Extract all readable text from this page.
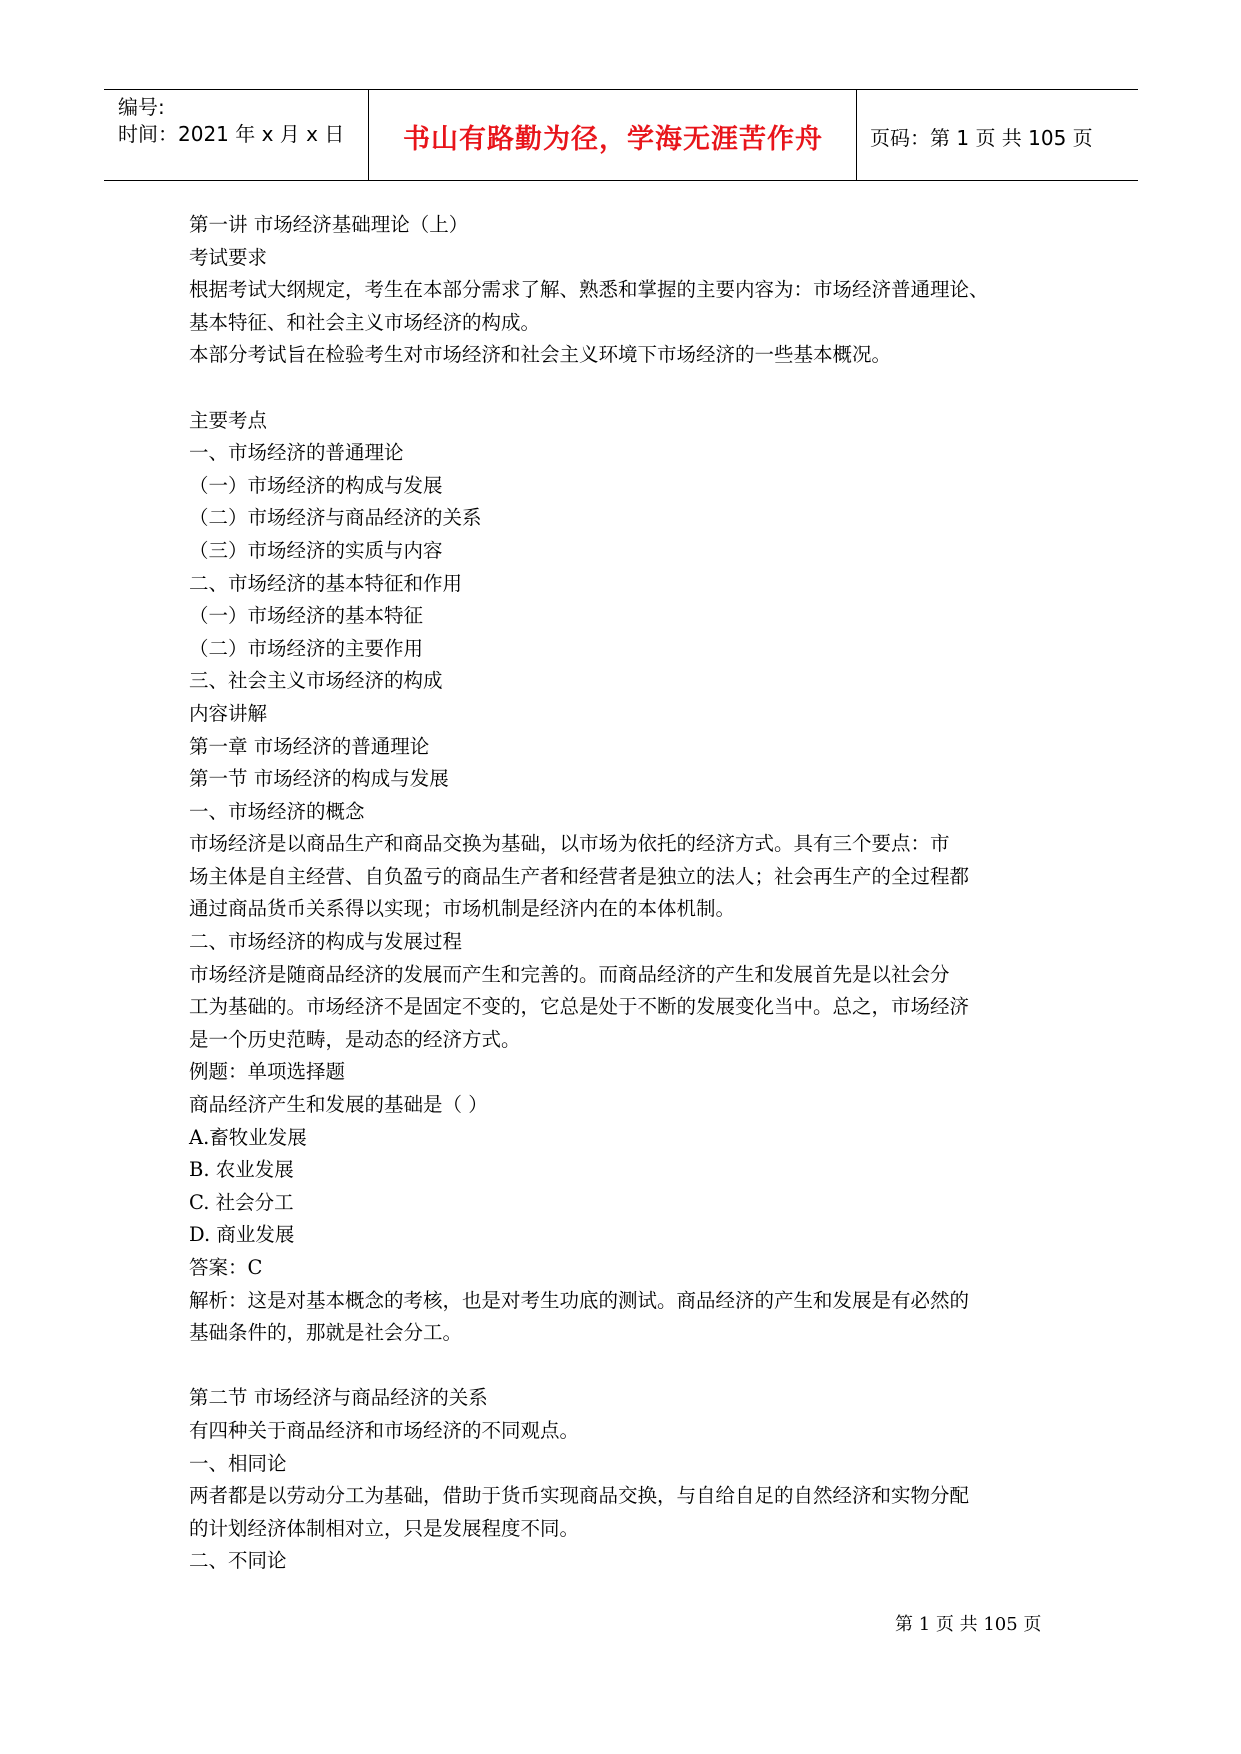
编号:
时间：2021 年 x 月 x 日	书山有路勤为径，学海无涯苦作舟	页码：第 1 页 共 105 页
第一讲 市场经济基础理论（上）
考试要求
根据考试大纲规定，考生在本部分需求了解、熟悉和掌握的主要内容为：市场经济普通理论、
基本特征、和社会主义市场经济的构成。
本部分考试旨在检验考生对市场经济和社会主义环境下市场经济的一些基本概况。
主要考点
一、市场经济的普通理论
（一）市场经济的构成与发展
（二）市场经济与商品经济的关系
（三）市场经济的实质与内容
二、市场经济的基本特征和作用
（一）市场经济的基本特征
（二）市场经济的主要作用
三、社会主义市场经济的构成
内容讲解
第一章 市场经济的普通理论
第一节 市场经济的构成与发展
一、市场经济的概念
市场经济是以商品生产和商品交换为基础，以市场为依托的经济方式。具有三个要点：市
场主体是自主经营、自负盈亏的商品生产者和经营者是独立的法人；社会再生产的全过程都
通过商品货币关系得以实现；市场机制是经济内在的本体机制。
二、市场经济的构成与发展过程
市场经济是随商品经济的发展而产生和完善的。而商品经济的产生和发展首先是以社会分
工为基础的。市场经济不是固定不变的，它总是处于不断的发展变化当中。总之，市场经济
是一个历史范畴，是动态的经济方式。
例题：单项选择题
商品经济产生和发展的基础是（ ）
A.畜牧业发展
B. 农业发展
C. 社会分工
D. 商业发展
答案：C
解析：这是对基本概念的考核，也是对考生功底的测试。商品经济的产生和发展是有必然的
基础条件的，那就是社会分工。
第二节 市场经济与商品经济的关系
有四种关于商品经济和市场经济的不同观点。
一、相同论
两者都是以劳动分工为基础，借助于货币实现商品交换，与自给自足的自然经济和实物分配
的计划经济体制相对立，只是发展程度不同。
二、不同论
第 1 页 共 105 页
